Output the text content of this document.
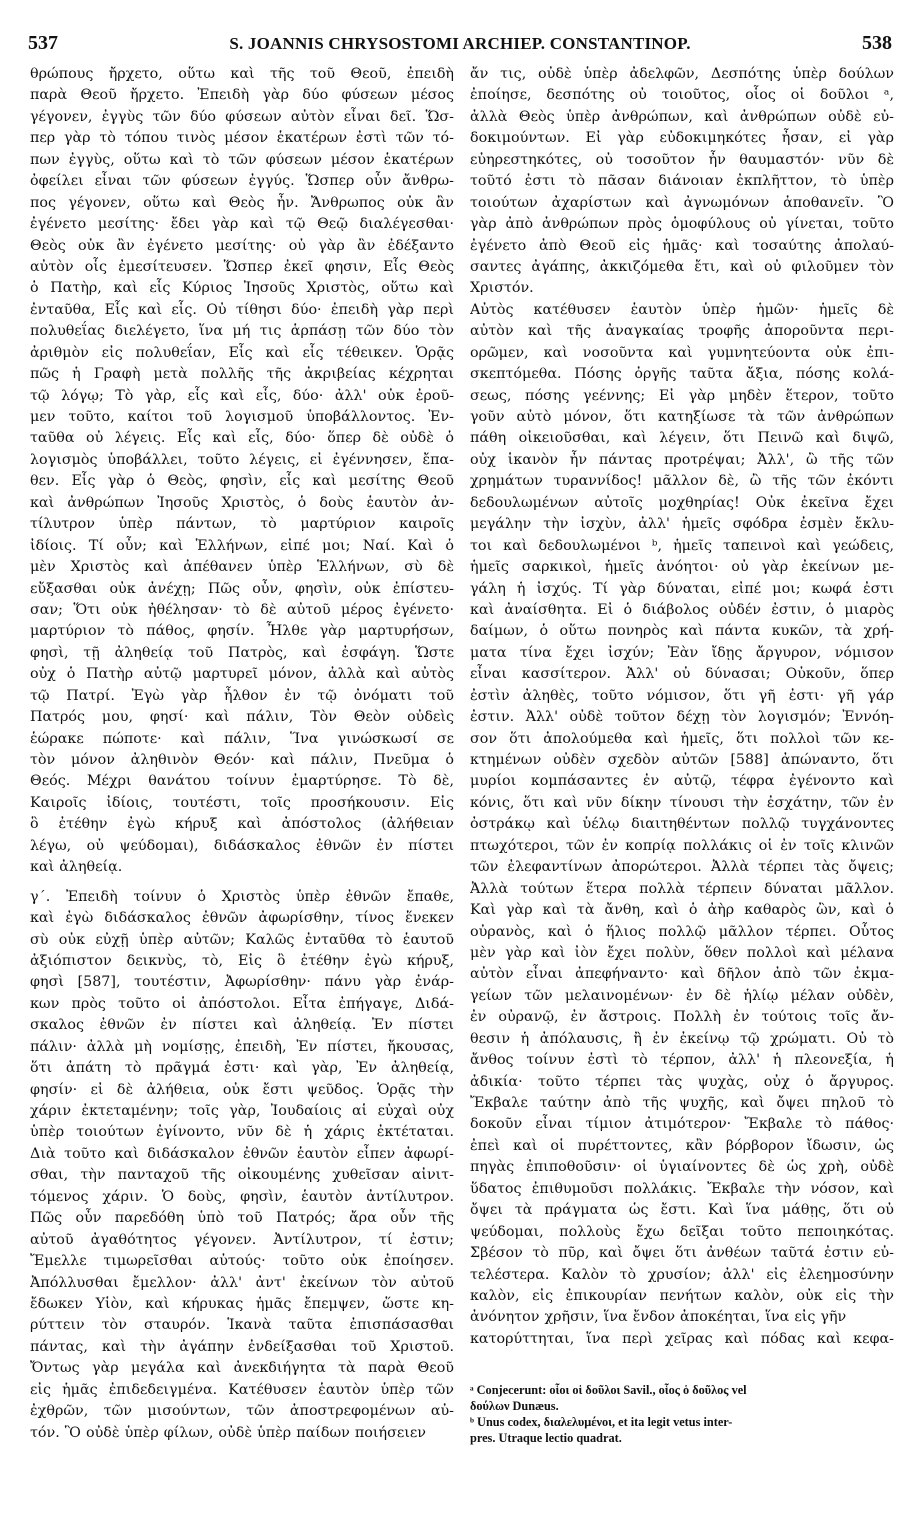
537	S. JOANNIS CHRYSOSTOMI ARCHIEP. CONSTANTINOP.	538
θρώπους ἤρχετο, οὕτω καὶ τῆς τοῦ Θεοῦ, ἐπειδὴ
παρὰ Θεοῦ ἤρχετο. Ἐπειδὴ γὰρ δύο φύσεων μέσος
γέγονεν, ἐγγὺς τῶν δύο φύσεων αὐτὸν εἶναι δεῖ. Ὥσ-
περ γὰρ τὸ τόπου τινὸς μέσον ἑκατέρων ἐστὶ τῶν τό-
πων ἐγγὺς, οὕτω καὶ τὸ τῶν φύσεων μέσον ἑκατέρων
ὀφείλει εἶναι τῶν φύσεων ἐγγύς. Ὥσπερ οὖν ἄνθρω-
πος γέγονεν, οὕτω καὶ Θεὸς ἦν. Ἄνθρωπος οὐκ ἂν
ἐγένετο μεσίτης· ἔδει γὰρ καὶ τῷ Θεῷ διαλέγεσθαι·
Θεὸς οὐκ ἂν ἐγένετο μεσίτης· οὐ γὰρ ἂν ἐδέξαντο
αὐτὸν οἷς ἐμεσίτευσεν. Ὥσπερ ἐκεῖ φησιν, Εἷς Θεὸς
ὁ Πατὴρ, καὶ εἷς Κύριος Ἰησοῦς Χριστὸς, οὕτω καὶ
ἐνταῦθα, Εἷς καὶ εἷς. Οὐ τίθησι δύο· ἐπειδὴ γὰρ περὶ
πολυθεΐας διελέγετο, ἵνα μή τις ἁρπάσῃ τῶν δύο τὸν
ἀριθμὸν εἰς πολυθεΐαν, Εἷς καὶ εἷς τέθεικεν. Ὁρᾷς
πῶς ἡ Γραφὴ μετὰ πολλῆς τῆς ἀκριβείας κέχρηται
τῷ λόγῳ; Τὸ γὰρ, εἷς καὶ εἷς, δύο· ἀλλ' οὐκ ἐροῦ-
μεν τοῦτο, καίτοι τοῦ λογισμοῦ ὑποβάλλοντος. Ἐν-
ταῦθα οὐ λέγεις. Εἷς καὶ εἷς, δύο· ὅπερ δὲ οὐδὲ ὁ
λογισμὸς ὑποβάλλει, τοῦτο λέγεις, εἰ ἐγέννησεν, ἔπα-
θεν. Εἷς γὰρ ὁ Θεὸς, φησὶν, εἷς καὶ μεσίτης Θεοῦ
καὶ ἀνθρώπων Ἰησοῦς Χριστὸς, ὁ δοὺς ἑαυτὸν ἀν-
τίλυτρον ὑπὲρ πάντων, τὸ μαρτύριον καιροῖς
ἰδίοις. Τί οὖν; καὶ Ἑλλήνων, εἰπέ μοι; Ναί. Καὶ ὁ
μὲν Χριστὸς καὶ ἀπέθανεν ὑπὲρ Ἑλλήνων, σὺ δὲ
εὔξασθαι οὐκ ἀνέχῃ; Πῶς οὖν, φησὶν, οὐκ ἐπίστευ-
σαν; Ὅτι οὐκ ἠθέλησαν· τὸ δὲ αὐτοῦ μέρος ἐγένετο·
μαρτύριον τὸ πάθος, φησίν. Ἦλθε γὰρ μαρτυρήσων,
φησὶ, τῇ ἀληθείᾳ τοῦ Πατρὸς, καὶ ἐσφάγη. Ὥστε
οὐχ ὁ Πατὴρ αὐτῷ μαρτυρεῖ μόνον, ἀλλὰ καὶ αὐτὸς
τῷ Πατρί. Ἐγὼ γὰρ ἦλθον ἐν τῷ ὀνόματι τοῦ
Πατρός μου, φησί· καὶ πάλιν, Τὸν Θεὸν οὐδεὶς
ἑώρακε πώποτε· καὶ πάλιν, Ἵνα γινώσκωσί σε
τὸν μόνον ἀληθινὸν Θεόν· καὶ πάλιν, Πνεῦμα ὁ
Θεός. Μέχρι θανάτου τοίνυν ἐμαρτύρησε. Τὸ δὲ,
Καιροῖς ἰδίοις, τουτέστι, τοῖς προσήκουσιν. Εἰς
ὃ ἐτέθην ἐγὼ κήρυξ καὶ ἀπόστολος (ἀλήθειαν
λέγω, οὐ ψεύδομαι), διδάσκαλος ἐθνῶν ἐν πίστει
καὶ ἀληθείᾳ.
γ΄. Ἐπειδὴ τοίνυν ὁ Χριστὸς ὑπὲρ ἐθνῶν ἔπαθε,
καὶ ἐγὼ διδάσκαλος ἐθνῶν ἀφωρίσθην, τίνος ἕνεκεν
σὺ οὐκ εὐχῇ ὑπὲρ αὐτῶν; Καλῶς ἐνταῦθα τὸ ἑαυτοῦ
ἀξιόπιστον δεικνὺς, τὸ, Εἰς ὃ ἐτέθην ἐγὼ κήρυξ,
φησὶ [587], τουτέστιν, Ἀφωρίσθην· πάνυ γὰρ ἐνάρ-
κων πρὸς τοῦτο οἱ ἀπόστολοι. Εἶτα ἐπήγαγε, Διδά-
σκαλος ἐθνῶν ἐν πίστει καὶ ἀληθείᾳ. Ἐν πίστει
πάλιν· ἀλλὰ μὴ νομίσῃς, ἐπειδὴ, Ἐν πίστει, ἤκουσας,
ὅτι ἀπάτη τὸ πρᾶγμά ἐστι· καὶ γὰρ, Ἐν ἀληθείᾳ,
φησίν· εἰ δὲ ἀλήθεια, οὐκ ἔστι ψεῦδος. Ὁρᾷς τὴν
χάριν ἐκτεταμένην; τοῖς γὰρ, Ἰουδαίοις αἱ εὐχαὶ οὐχ
ὑπὲρ τοιούτων ἐγίνοντο, νῦν δὲ ἡ χάρις ἐκτέταται.
Διὰ τοῦτο καὶ διδάσκαλον ἐθνῶν ἑαυτὸν εἶπεν ἀφωρί-
σθαι, τὴν πανταχοῦ τῆς οἰκουμένης χυθεῖσαν αἰνιτ-
τόμενος χάριν. Ὁ δοὺς, φησὶν, ἑαυτὸν ἀντίλυτρον.
Πῶς οὖν παρεδόθη ὑπὸ τοῦ Πατρός; ἄρα οὖν τῆς
αὐτοῦ ἀγαθότητος γέγονεν. Ἀντίλυτρον, τί ἐστιν;
Ἔμελλε τιμωρεῖσθαι αὐτούς· τοῦτο οὐκ ἐποίησεν.
Ἀπόλλυσθαι ἔμελλον· ἀλλ' ἀντ' ἐκείνων τὸν αὐτοῦ
ἔδωκεν Υἱὸν, καὶ κήρυκας ἡμᾶς ἔπεμψεν, ὥστε κη-
ρύττειν τὸν σταυρόν. Ἱκανὰ ταῦτα ἐπισπάσασθαι
πάντας, καὶ τὴν ἀγάπην ἐνδείξασθαι τοῦ Χριστοῦ.
Ὄντως γὰρ μεγάλα καὶ ἀνεκδιήγητα τὰ παρὰ Θεοῦ
εἰς ἡμᾶς ἐπιδεδειγμένα. Κατέθυσεν ἑαυτὸν ὑπὲρ τῶν
ἐχθρῶν, τῶν μισούντων, τῶν ἀποστρεφομένων αὐ-
τόν. Ὃ οὐδὲ ὑπὲρ φίλων, οὐδὲ ὑπὲρ παίδων ποιήσειεν
ἄν τις, οὐδὲ ὑπὲρ ἀδελφῶν, Δεσπότης ὑπὲρ δούλων
ἐποίησε, δεσπότης οὐ τοιοῦτος, οἷος οἱ δοῦλοι ᵃ,
ἀλλὰ Θεὸς ὑπὲρ ἀνθρώπων, καὶ ἀνθρώπων οὐδὲ εὐ-
δοκιμούντων. Εἰ γὰρ εὐδοκιμηκότες ἦσαν, εἰ γὰρ
εὐηρεστηκότες, οὐ τοσοῦτον ἦν θαυμαστόν· νῦν δὲ
τοῦτό ἐστι τὸ πᾶσαν διάνοιαν ἐκπλῆττον, τὸ ὑπὲρ
τοιούτων ἀχαρίστων καὶ ἀγνωμόνων ἀποθανεῖν. Ὃ
γὰρ ἀπὸ ἀνθρώπων πρὸς ὁμοφύλους οὐ γίνεται, τοῦτο
ἐγένετο ἀπὸ Θεοῦ εἰς ἡμᾶς· καὶ τοσαύτης ἀπολαύ-
σαντες ἀγάπης, ἀκκιζόμεθα ἔτι, καὶ οὐ φιλοῦμεν τὸν
Χριστόν.
Αὐτὸς κατέθυσεν ἑαυτὸν ὑπὲρ ἡμῶν· ἡμεῖς δὲ
αὐτὸν καὶ τῆς ἀναγκαίας τροφῆς ἀποροῦντα περι-
ορῶμεν, καὶ νοσοῦντα καὶ γυμνητεύοντα οὐκ ἐπι-
σκεπτόμεθα. Πόσης ὀργῆς ταῦτα ἄξια, πόσης κολά-
σεως, πόσης γεέννης; Εἰ γὰρ μηδὲν ἕτερον, τοῦτο
γοῦν αὐτὸ μόνον, ὅτι κατηξίωσε τὰ τῶν ἀνθρώπων
πάθη οἰκειοῦσθαι, καὶ λέγειν, ὅτι Πεινῶ καὶ διψῶ,
οὐχ ἱκανὸν ἦν πάντας προτρέψαι; Ἀλλ', ὢ τῆς τῶν
χρημάτων τυραννίδος! μᾶλλον δὲ, ὢ τῆς τῶν ἐκόντι
δεδουλωμένων αὐτοῖς μοχθηρίας! Οὐκ ἐκεῖνα ἔχει
μεγάλην τὴν ἰσχὺν, ἀλλ' ἡμεῖς σφόδρα ἐσμὲν ἔκλυ-
τοι καὶ δεδουλωμένοι ᵇ, ἡμεῖς ταπεινοὶ καὶ γεώδεις,
ἡμεῖς σαρκικοὶ, ἡμεῖς ἀνόητοι· οὐ γὰρ ἐκείνων με-
γάλη ἡ ἰσχύς. Τί γὰρ δύναται, εἰπέ μοι; κωφά ἐστι
καὶ ἀναίσθητα. Εἰ ὁ διάβολος οὐδέν ἐστιν, ὁ μιαρὸς
δαίμων, ὁ οὕτω πονηρὸς καὶ πάντα κυκῶν, τὰ χρή-
ματα τίνα ἔχει ἰσχύν; Ἐὰν ἴδῃς ἄργυρον, νόμισον
εἶναι κασσίτερον. Ἀλλ' οὐ δύνασαι; Οὐκοῦν, ὅπερ
ἐστὶν ἀληθὲς, τοῦτο νόμισον, ὅτι γῆ ἐστι· γῆ γάρ
ἐστιν. Ἀλλ' οὐδὲ τοῦτον δέχῃ τὸν λογισμόν; Ἐννόη-
σον ὅτι ἀπολούμεθα καὶ ἡμεῖς, ὅτι πολλοὶ τῶν κε-
κτημένων οὐδὲν σχεδὸν αὐτῶν [588] ἀπώναντο, ὅτι
μυρίοι κομπάσαντες ἐν αὐτῷ, τέφρα ἐγένοντο καὶ
κόνις, ὅτι καὶ νῦν δίκην τίνουσι τὴν ἐσχάτην, τῶν ἐν
ὀστράκῳ καὶ ὑέλῳ διαιτηθέντων πολλῷ τυγχάνοντες
πτωχότεροι, τῶν ἐν κοπρίᾳ πολλάκις οἱ ἐν τοῖς κλινῶν
τῶν ἐλεφαντίνων ἀπορώτεροι. Ἀλλὰ τέρπει τὰς ὄψεις;
Ἀλλὰ τούτων ἕτερα πολλὰ τέρπειν δύναται μᾶλλον.
Καὶ γὰρ καὶ τὰ ἄνθη, καὶ ὁ ἀὴρ καθαρὸς ὢν, καὶ ὁ
οὐρανὸς, καὶ ὁ ἥλιος πολλῷ μᾶλλον τέρπει. Οὗτος
μὲν γὰρ καὶ ἰὸν ἔχει πολὺν, ὅθεν πολλοὶ καὶ μέλανα
αὐτὸν εἶναι ἀπεφήναντο· καὶ δῆλον ἀπὸ τῶν ἐκμα-
γείων τῶν μελαινομένων· ἐν δὲ ἡλίῳ μέλαν οὐδὲν,
ἐν οὐρανῷ, ἐν ἄστροις. Πολλὴ ἐν τούτοις τοῖς ἄν-
θεσιν ἡ ἀπόλαυσις, ἢ ἐν ἐκείνῳ τῷ χρώματι. Οὐ τὸ
ἄνθος τοίνυν ἐστὶ τὸ τέρπον, ἀλλ' ἡ πλεονεξία, ἡ
ἀδικία· τοῦτο τέρπει τὰς ψυχὰς, οὐχ ὁ ἄργυρος.
Ἔκβαλε ταύτην ἀπὸ τῆς ψυχῆς, καὶ ὄψει πηλοῦ τὸ
δοκοῦν εἶναι τίμιον ἀτιμότερον· Ἔκβαλε τὸ πάθος·
ἐπεὶ καὶ οἱ πυρέττοντες, κἂν βόρβορον ἴδωσιν, ὡς
πηγὰς ἐπιποθοῦσιν· οἱ ὑγιαίνοντες δὲ ὡς χρὴ, οὐδὲ
ὕδατος ἐπιθυμοῦσι πολλάκις. Ἔκβαλε τὴν νόσον, καὶ
ὄψει τὰ πράγματα ὡς ἔστι. Καὶ ἵνα μάθῃς, ὅτι οὐ
ψεύδομαι, πολλοὺς ἔχω δεῖξαι τοῦτο πεποιηκότας.
Σβέσον τὸ πῦρ, καὶ ὄψει ὅτι ἀνθέων ταῦτά ἐστιν εὐ-
τελέστερα. Καλὸν τὸ χρυσίον; ἀλλ' εἰς ἐλεημοσύνην
καλὸν, εἰς ἐπικουρίαν πενήτων καλὸν, οὐκ εἰς τὴν
ἀνόνητον χρῆσιν, ἵνα ἔνδον ἀποκέηται, ἵνα εἰς γῆν
κατορύττηται, ἵνα περὶ χεῖρας καὶ πόδας καὶ κεφα-
ᵃ Conjecerunt: οἷοι οἱ δοῦλοι Savil., οἷος ὁ δοῦλος vel
δούλων Dunæus.
ᵇ Unus codex, διαλελυμένοι, et ita legit vetus inter-
pres. Utraque lectio quadrat.
